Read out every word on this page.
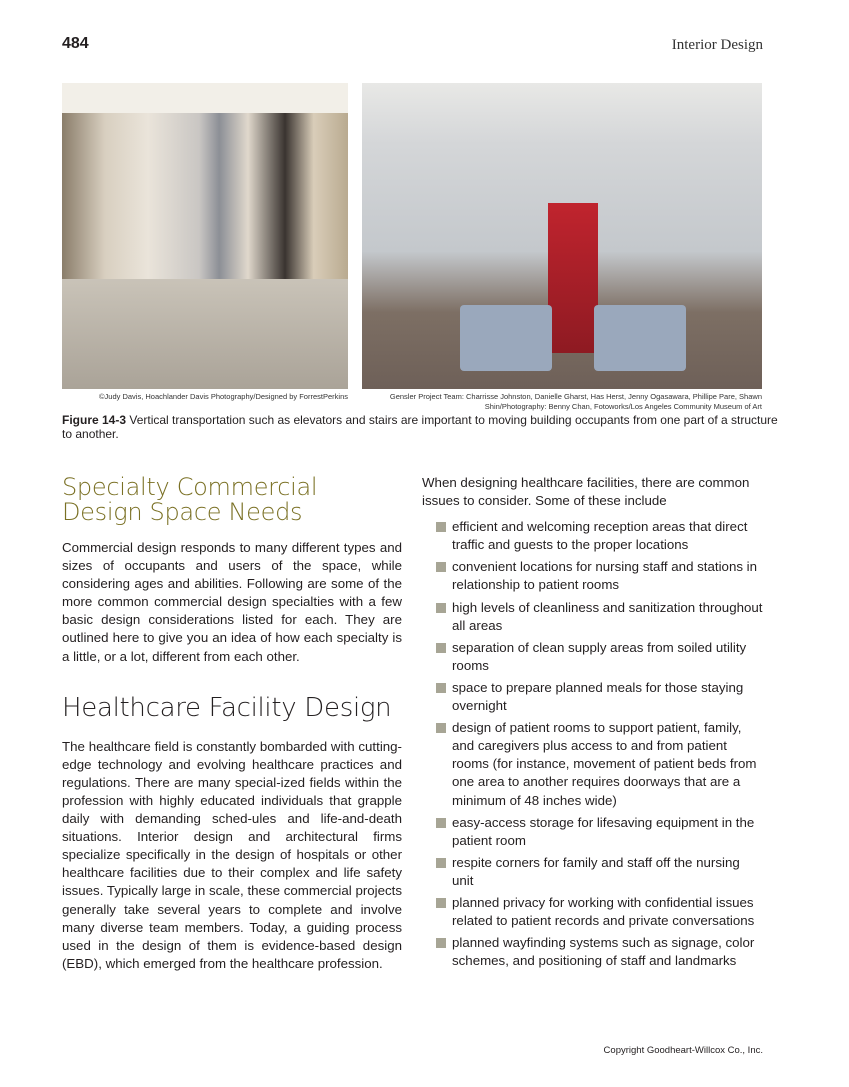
484	Interior Design
©Judy Davis, Hoachlander Davis Photography/Designed by ForrestPerkins	Gensler Project Team: Charrisse Johnston, Danielle Gharst, Has Herst, Jenny Ogasawara, Phillipe Pare, Shawn Shin/Photography: Benny Chan, Fotoworks/Los Angeles Community Museum of Art
Figure 14-3 Vertical transportation such as elevators and stairs are important to moving building occupants from one part of a structure to another.
Specialty Commercial Design Space Needs

Commercial design responds to many different types and sizes of occupants and users of the space, while considering ages and abilities. Following are some of the more common commercial design specialties with a few basic design considerations listed for each. They are outlined here to give you an idea of how each specialty is a little, or a lot, different from each other.

Healthcare Facility Design

The healthcare field is constantly bombarded with cutting-edge technology and evolving healthcare practices and regulations. There are many special-ized fields within the profession with highly educated individuals that grapple daily with demanding sched-ules and life-and-death situations. Interior design and architectural firms specialize specifically in the design of hospitals or other healthcare facilities due to their complex and life safety issues. Typically large in scale, these commercial projects generally take several years to complete and involve many diverse team members. Today, a guiding process used in the design of them is evidence-based design (EBD), which emerged from the healthcare profession.

When designing healthcare facilities, there are common issues to consider. Some of these include

efficient and welcoming reception areas that direct traffic and guests to the proper locations
convenient locations for nursing staff and stations in relationship to patient rooms
high levels of cleanliness and sanitization throughout all areas
separation of clean supply areas from soiled utility rooms
space to prepare planned meals for those staying overnight
design of patient rooms to support patient, family, and caregivers plus access to and from patient rooms (for instance, movement of patient beds from one area to another requires doorways that are a minimum of 48 inches wide)
easy-access storage for lifesaving equipment in the patient room
respite corners for family and staff off the nursing unit
planned privacy for working with confidential issues related to patient records and private conversations
planned wayfinding systems such as signage, color schemes, and positioning of staff and landmarks
Copyright Goodheart-Willcox Co., Inc.
